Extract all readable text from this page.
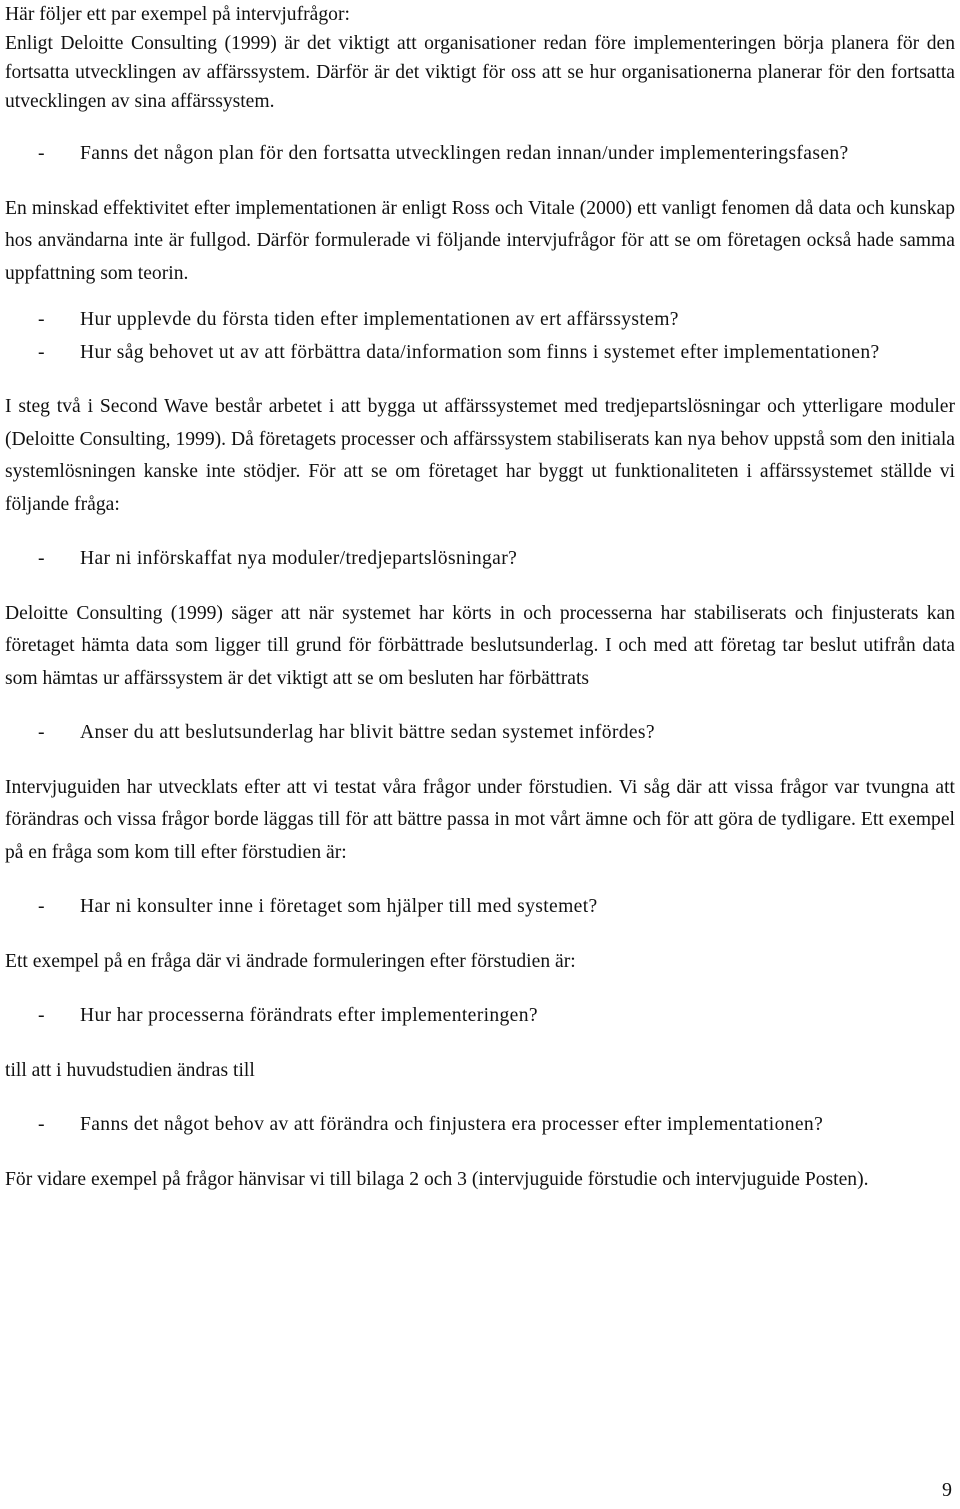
Här följer ett par exempel på intervjufrågor:
Enligt Deloitte Consulting (1999) är det viktigt att organisationer redan före implementeringen börja planera för den fortsatta utvecklingen av affärssystem. Därför är det viktigt för oss att se hur organisationerna planerar för den fortsatta utvecklingen av sina affärssystem.
- Fanns det någon plan för den fortsatta utvecklingen redan innan/under implementeringsfasen?
En minskad effektivitet efter implementationen är enligt Ross och Vitale (2000) ett vanligt fenomen då data och kunskap hos användarna inte är fullgod. Därför formulerade vi följande intervjufrågor för att se om företagen också hade samma uppfattning som teorin.
- Hur upplevde du första tiden efter implementationen av ert affärssystem?
- Hur såg behovet ut av att förbättra data/information som finns i systemet efter implementationen?
I steg två i Second Wave består arbetet i att bygga ut affärssystemet med tredjepartslösningar och ytterligare moduler (Deloitte Consulting, 1999). Då företagets processer och affärssystem stabiliserats kan nya behov uppstå som den initiala systemlösningen kanske inte stödjer. För att se om företaget har byggt ut funktionaliteten i affärssystemet ställde vi följande fråga:
- Har ni införskaffat nya moduler/tredjepartslösningar?
Deloitte Consulting (1999) säger att när systemet har körts in och processerna har stabiliserats och finjusterats kan företaget hämta data som ligger till grund för förbättrade beslutsunderlag. I och med att företag tar beslut utifrån data som hämtas ur affärssystem är det viktigt att se om besluten har förbättrats
- Anser du att beslutsunderlag har blivit bättre sedan systemet infördes?
Intervjuguiden har utvecklats efter att vi testat våra frågor under förstudien. Vi såg där att vissa frågor var tvungna att förändras och vissa frågor borde läggas till för att bättre passa in mot vårt ämne och för att göra de tydligare. Ett exempel på en fråga som kom till efter förstudien är:
- Har ni konsulter inne i företaget som hjälper till med systemet?
Ett exempel på en fråga där vi ändrade formuleringen efter förstudien är:
- Hur har processerna förändrats efter implementeringen?
till att i huvudstudien ändras till
- Fanns det något behov av att förändra och finjustera era processer efter implementationen?
För vidare exempel på frågor hänvisar vi till bilaga 2 och 3 (intervjuguide förstudie och intervjuguide Posten).
9
